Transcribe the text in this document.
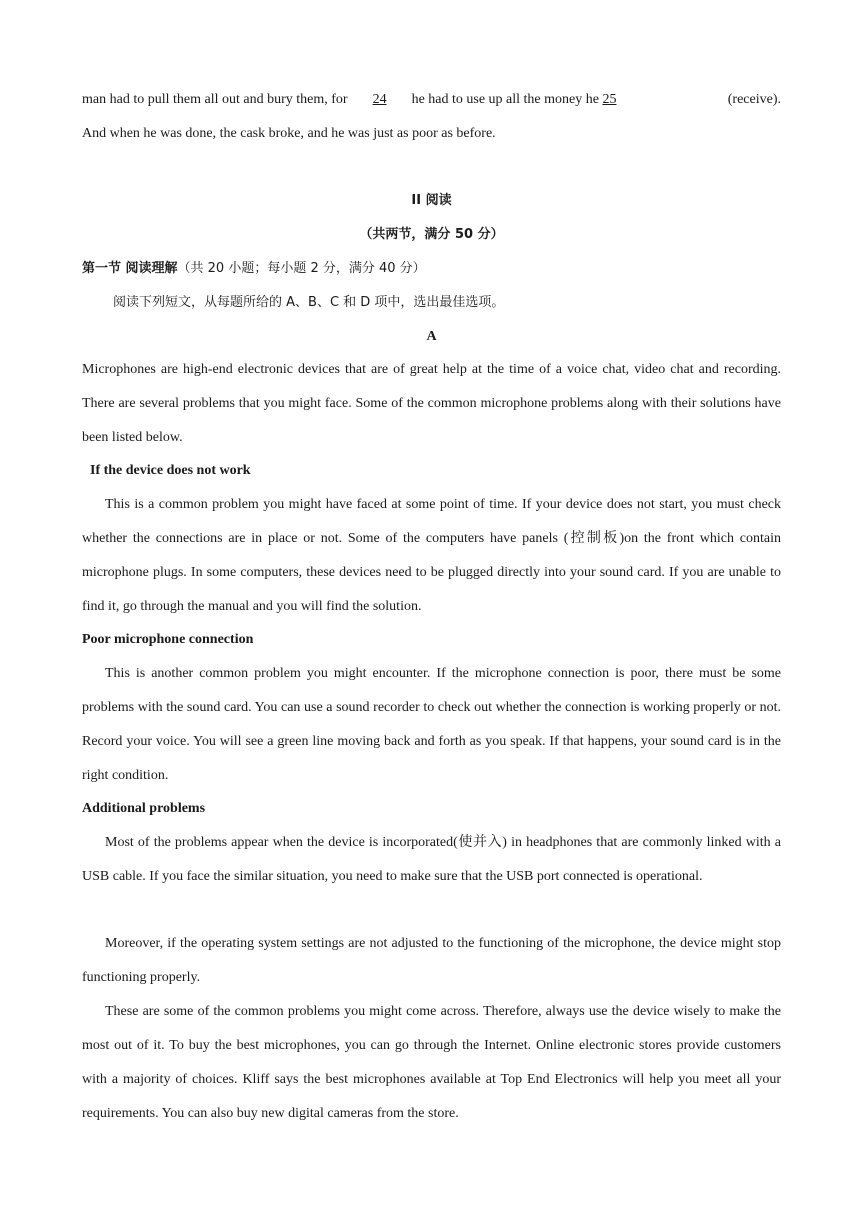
man had to pull them all out and bury them, for 24 he had to use up all the money he 25	(receive).
And when he was done, the cask broke, and he was just as poor as before.
II 阅读
（共两节，满分 50 分）
第一节 阅读理解（共 20 小题；每小题 2 分，满分 40 分）
阅读下列短文，从每题所给的 A、B、C 和 D 项中，选出最佳选项。
A
Microphones are high-end electronic devices that are of great help at the time of a voice chat, video chat and recording. There are several problems that you might face. Some of the common microphone problems along with their solutions have been listed below.
If the device does not work
This is a common problem you might have faced at some point of time. If your device does not start, you must check whether the connections are in place or not. Some of the computers have panels (控制板)on the front which contain microphone plugs. In some computers, these devices need to be plugged directly into your sound card. If you are unable to find it, go through the manual and you will find the solution.
Poor microphone connection
This is another common problem you might encounter. If the microphone connection is poor, there must be some problems with the sound card. You can use a sound recorder to check out whether the connection is working properly or not. Record your voice. You will see a green line moving back and forth as you speak. If that happens, your sound card is in the right condition.
Additional problems
Most of the problems appear when the device is incorporated(使并入) in headphones that are commonly linked with a USB cable. If you face the similar situation, you need to make sure that the USB port connected is operational.
Moreover, if the operating system settings are not adjusted to the functioning of the microphone, the device might stop functioning properly.
These are some of the common problems you might come across. Therefore, always use the device wisely to make the most out of it. To buy the best microphones, you can go through the Internet. Online electronic stores provide customers with a majority of choices. Kliff says the best microphones available at Top End Electronics will help you meet all your requirements. You can also buy new digital cameras from the store.
